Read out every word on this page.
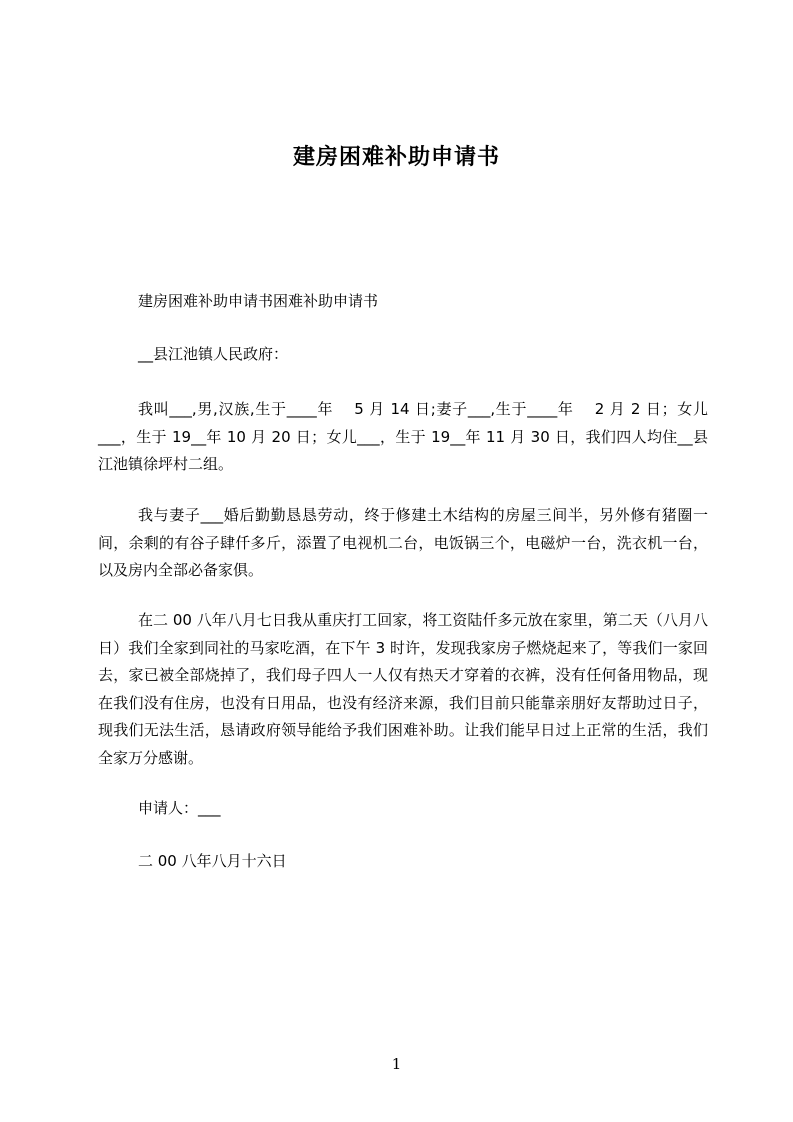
建房困难补助申请书
建房困难补助申请书困难补助申请书
__县江池镇人民政府：
我叫___,男,汉族,生于____年　 5 月 14 日;妻子___,生于____年　 2 月 2 日；女儿___，生于 19__年 10 月 20 日；女儿___，生于 19__年 11 月 30 日，我们四人均住__县江池镇徐坪村二组。
我与妻子___婚后勤勤恳恳劳动，终于修建土木结构的房屋三间半，另外修有猪圈一间，余剩的有谷子肆仟多斤，添置了电视机二台，电饭锅三个，电磁炉一台，洗衣机一台，以及房内全部必备家俱。
在二 00 八年八月七日我从重庆打工回家，将工资陆仟多元放在家里，第二天（八月八日）我们全家到同社的马家吃酒，在下午 3 时许，发现我家房子燃烧起来了，等我们一家回去，家已被全部烧掉了，我们母子四人一人仅有热天才穿着的衣裤，没有任何备用物品，现在我们没有住房，也没有日用品，也没有经济来源，我们目前只能靠亲朋好友帮助过日子，现我们无法生活，恳请政府领导能给予我们困难补助。让我们能早日过上正常的生活，我们全家万分感谢。
申请人：___
二 00 八年八月十六日
1
